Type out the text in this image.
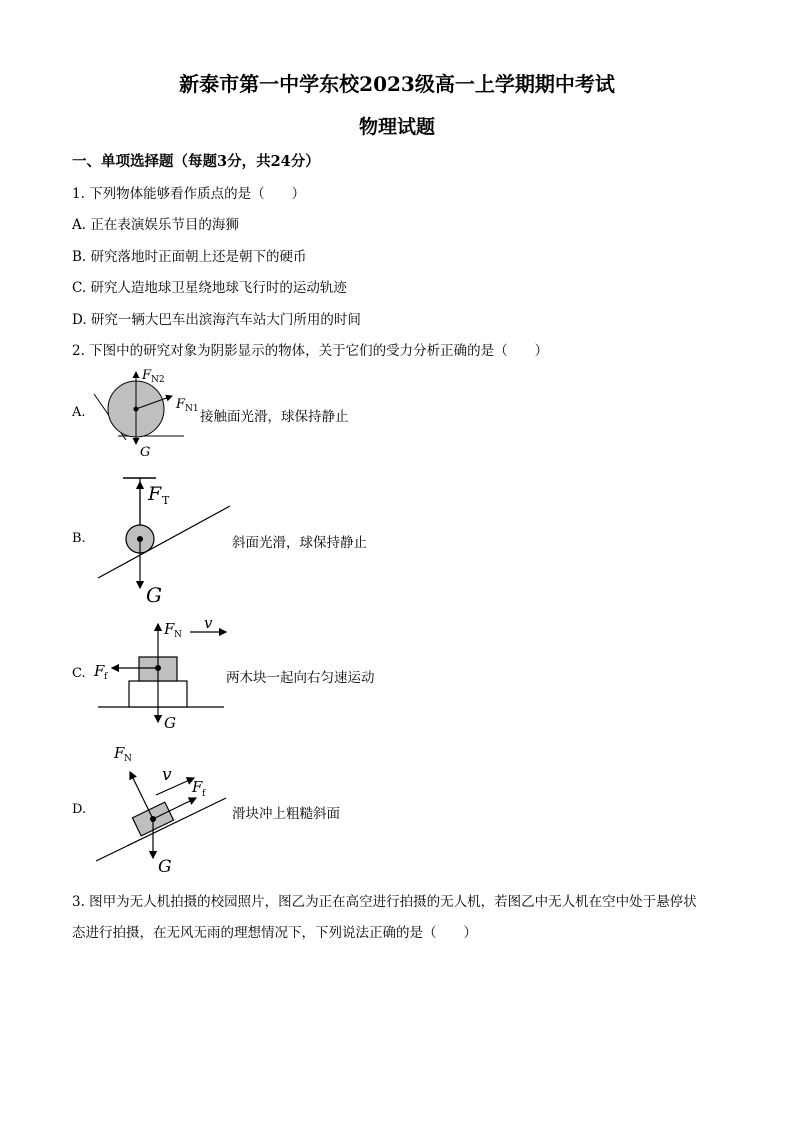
新泰市第一中学东校2023级高一上学期期中考试
物理试题
一、单项选择题（每题3分，共24分）
1. 下列物体能够看作质点的是（　　）
A. 正在表演娱乐节目的海狮
B. 研究落地时正面朝上还是朝下的硬币
C. 研究人造地球卫星绕地球飞行时的运动轨迹
D. 研究一辆大巴车出滨海汽车站大门所用的时间
2. 下图中的研究对象为阴影显示的物体，关于它们的受力分析正确的是（　　）
A.
F N2
F N1
G
接触面光滑，球保持静止
B.
F T
G
斜面光滑，球保持静止
C.
F N
v
F f
G
两木块一起向右匀速运动
D.
F N
v
F f
G
滑块冲上粗糙斜面
3. 图甲为无人机拍摄的校园照片，图乙为正在高空进行拍摄的无人机，若图乙中无人机在空中处于悬停状
态进行拍摄，在无风无雨的理想情况下，下列说法正确的是（　　）
